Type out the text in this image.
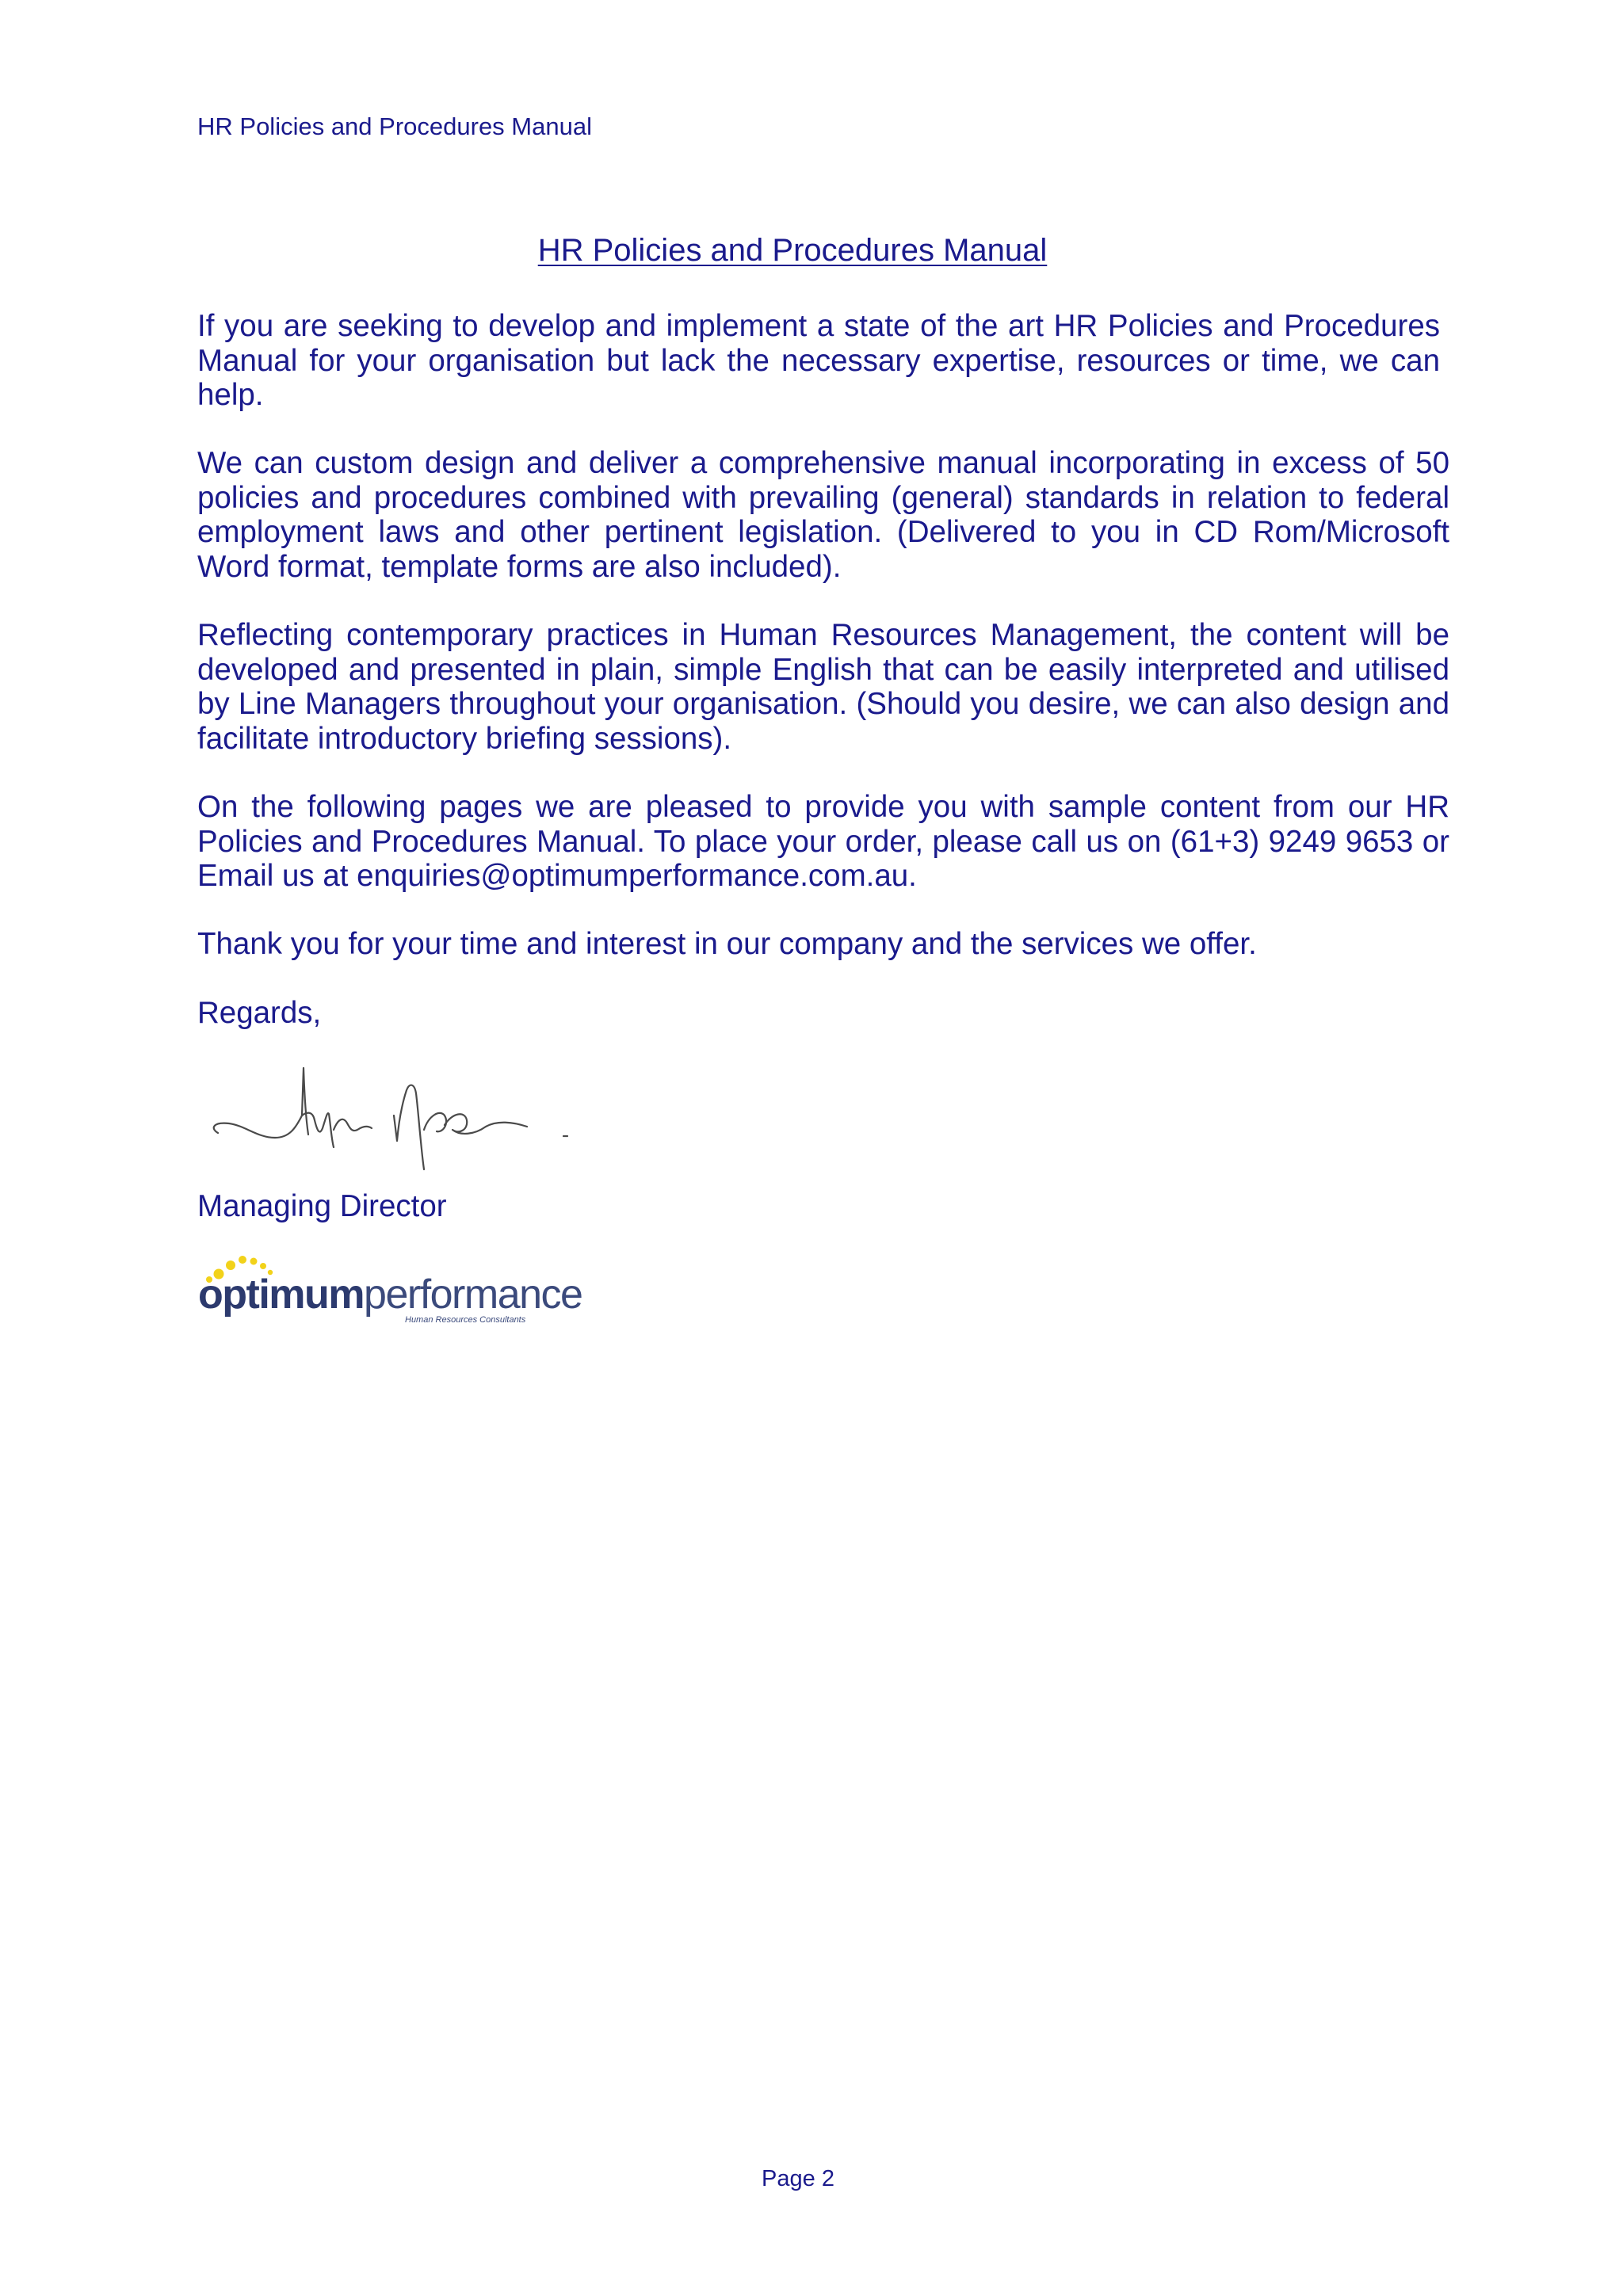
HR Policies and Procedures Manual
HR Policies and Procedures Manual

If you are seeking to develop and implement a state of the art HR Policies and Procedures Manual for your organisation but lack the necessary expertise, resources or time, we can help.

We can custom design and deliver a comprehensive manual incorporating in excess of 50 policies and procedures combined with prevailing (general) standards in relation to federal employment laws and other pertinent legislation. (Delivered to you in CD Rom/Microsoft Word format, template forms are also included).

Reflecting contemporary practices in Human Resources Management, the content will be developed and presented in plain, simple English that can be easily interpreted and utilised by Line Managers throughout your organisation. (Should you desire, we can also design and facilitate introductory briefing sessions).

On the following pages we are pleased to provide you with sample content from our HR Policies and Procedures Manual. To place your order, please call us on (61+3) 9249 9653 or Email us at enquiries@optimumperformance.com.au.

Thank you for your time and interest in our company and the services we offer.

Regards,

Managing Director
optimumperformance
Human Resources Consultants
Page 2
